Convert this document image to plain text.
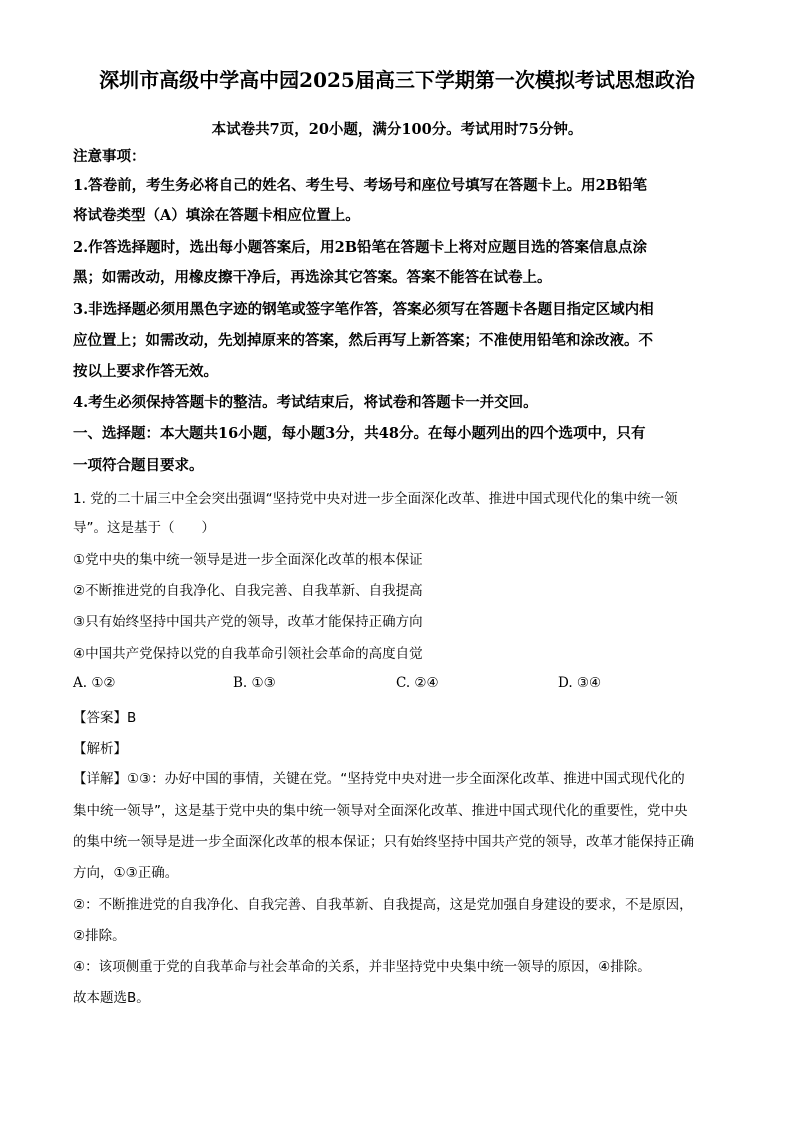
深圳市高级中学高中园2025届高三下学期第一次模拟考试思想政治
本试卷共7页，20小题，满分100分。考试用时75分钟。
注意事项：
1.答卷前，考生务必将自己的姓名、考生号、考场号和座位号填写在答题卡上。用2B铅笔
将试卷类型（A）填涂在答题卡相应位置上。
2.作答选择题时，选出每小题答案后，用2B铅笔在答题卡上将对应题目选的答案信息点涂
黑；如需改动，用橡皮擦干净后，再选涂其它答案。答案不能答在试卷上。
3.非选择题必须用黑色字迹的钢笔或签字笔作答，答案必须写在答题卡各题目指定区域内相
应位置上；如需改动，先划掉原来的答案，然后再写上新答案；不准使用铅笔和涂改液。不
按以上要求作答无效。
4.考生必须保持答题卡的整洁。考试结束后，将试卷和答题卡一并交回。
一、选择题：本大题共16小题，每小题3分，共48分。在每小题列出的四个选项中，只有
一项符合题目要求。
1. 党的二十届三中全会突出强调“坚持党中央对进一步全面深化改革、推进中国式现代化的集中统一领
导”。这是基于（　　）
①党中央的集中统一领导是进一步全面深化改革的根本保证
②不断推进党的自我净化、自我完善、自我革新、自我提高
③只有始终坚持中国共产党的领导，改革才能保持正确方向
④中国共产党保持以党的自我革命引领社会革命的高度自觉
A. ①②	B. ①③	C. ②④	D. ③④
【答案】B
【解析】
【详解】①③：办好中国的事情，关键在党。“坚持党中央对进一步全面深化改革、推进中国式现代化的
集中统一领导”，这是基于党中央的集中统一领导对全面深化改革、推进中国式现代化的重要性，党中央
的集中统一领导是进一步全面深化改革的根本保证；只有始终坚持中国共产党的领导，改革才能保持正确
方向，①③正确。
②：不断推进党的自我净化、自我完善、自我革新、自我提高，这是党加强自身建设的要求，不是原因，
②排除。
④：该项侧重于党的自我革命与社会革命的关系，并非坚持党中央集中统一领导的原因，④排除。
故本题选B。
